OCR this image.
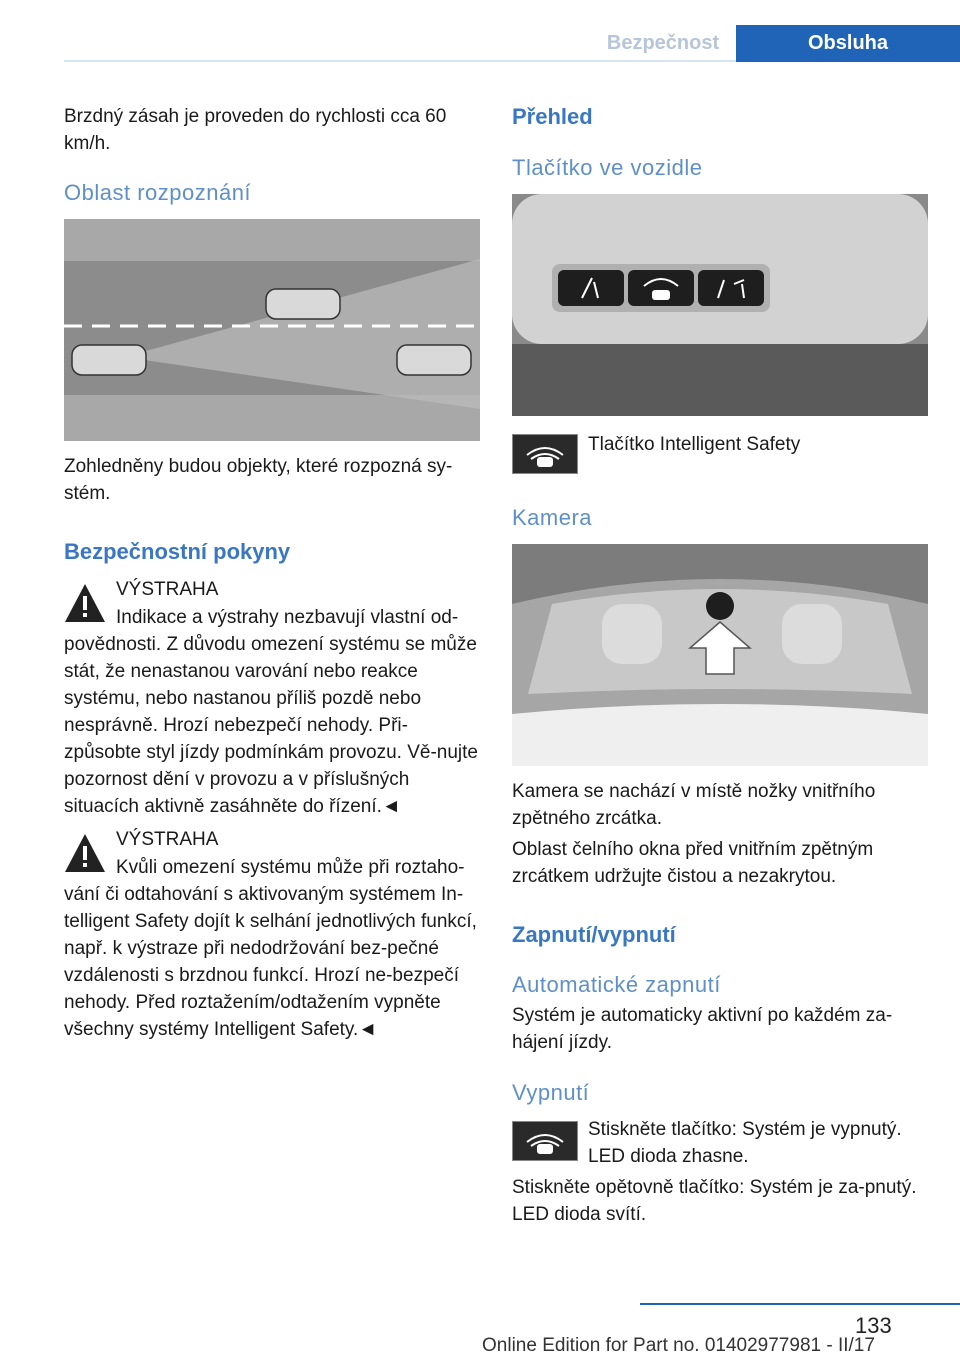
Bezpečnost	Obsluha
Brzdný zásah je proveden do rychlosti cca 60 km/h.
Oblast rozpoznání
Zohledněny budou objekty, které rozpozná sy-stém.
Bezpečnostní pokyny
VÝSTRAHA
Indikace a výstrahy nezbavují vlastní od-povědnosti. Z důvodu omezení systému se může stát, že nenastanou varování nebo reakce systému, nebo nastanou příliš pozdě nebo nesprávně. Hrozí nebezpečí nehody. Při-způsobte styl jízdy podmínkám provozu. Vě-nujte pozornost dění v provozu a v příslušných situacích aktivně zasáhněte do řízení.◄
VÝSTRAHA
Kvůli omezení systému může při roztaho-vání či odtahování s aktivovaným systémem In-telligent Safety dojít k selhání jednotlivých funkcí, např. k výstraze při nedodržování bez-pečné vzdálenosti s brzdnou funkcí. Hrozí ne-bezpečí nehody. Před roztažením/odtažením vypněte všechny systémy Intelligent Safety.◄
Přehled
Tlačítko ve vozidle
Tlačítko Intelligent Safety
Kamera
Kamera se nachází v místě nožky vnitřního zpětného zrcátka.
Oblast čelního okna před vnitřním zpětným zrcátkem udržujte čistou a nezakrytou.
Zapnutí/vypnutí
Automatické zapnutí
Systém je automaticky aktivní po každém za-hájení jízdy.
Vypnutí
Stiskněte tlačítko: Systém je vypnutý. LED dioda zhasne.
Stiskněte opětovně tlačítko: Systém je za-pnutý. LED dioda svítí.
133
Online Edition for Part no. 01402977981 - II/17
